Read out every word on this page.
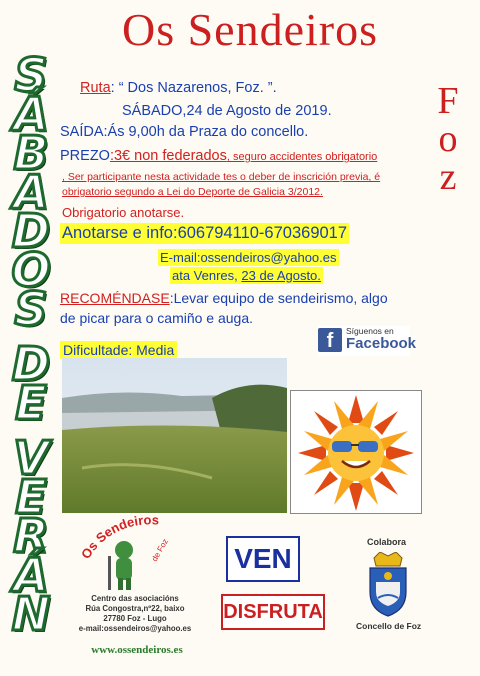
Os Sendeiros
S
Á
B
A
D
O
S

D
E

V
E
R
Á
N
F
o
z
Ruta: “ Dos Nazarenos, Foz. ”.
SÁBADO,24 de Agosto de 2019.
SAÍDA:Ás 9,00h da Praza do concello.
PREZO:3€ non federados, seguro accidentes obrigatorio
, Ser participante nesta actividade tes o deber de inscrición previa, é
obrigatorio segundo a Lei do Deporte de Galicia 3/2012.
Obrigatorio anotarse.
Anotarse e info:606794110-670369017
E-mail:ossendeiros@yahoo.es
ata Venres, 23 de Agosto.
RECOMÉNDASE:Levar equipo de sendeirismo, algo
de picar para o camiño e auga.
Dificultade: Media	f	Síguenos en
Facebook
Os Sendeiros
de Foz VEN
DISFRUTA
Centro das asociacións
Rúa Congostra,nº22, baixo
27780 Foz - Lugo
e-mail:ossendeiros@yahoo.es
www.ossendeiros.es
Colabora
Concello de Foz
